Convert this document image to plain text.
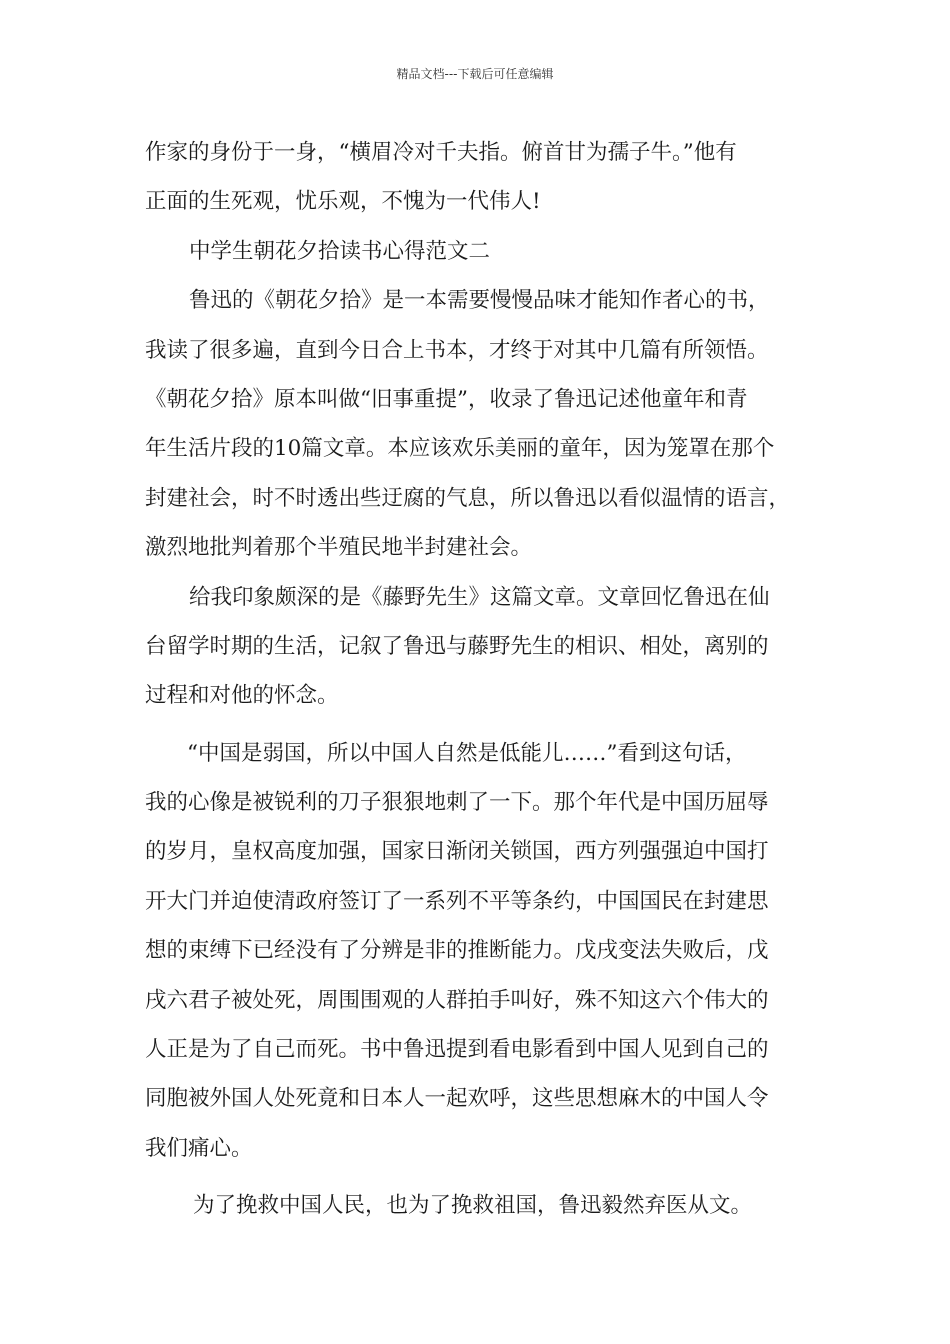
精品文档---下载后可任意编辑
作家的身份于一身，“横眉冷对千夫指。俯首甘为孺子牛。”他有
正面的生死观，忧乐观，不愧为一代伟人!
中学生朝花夕拾读书心得范文二
鲁迅的《朝花夕拾》是一本需要慢慢品味才能知作者心的书，
我读了很多遍，直到今日合上书本，才终于对其中几篇有所领悟。
《朝花夕拾》原本叫做“旧事重提”，收录了鲁迅记述他童年和青
年生活片段的10篇文章。本应该欢乐美丽的童年，因为笼罩在那个
封建社会，时不时透出些迂腐的气息，所以鲁迅以看似温情的语言，
激烈地批判着那个半殖民地半封建社会。
给我印象颇深的是《藤野先生》这篇文章。文章回忆鲁迅在仙
台留学时期的生活，记叙了鲁迅与藤野先生的相识、相处，离别的
过程和对他的怀念。
“中国是弱国，所以中国人自然是低能儿……”看到这句话，
我的心像是被锐利的刀子狠狠地刺了一下。那个年代是中国历屈辱
的岁月，皇权高度加强，国家日渐闭关锁国，西方列强强迫中国打
开大门并迫使清政府签订了一系列不平等条约，中国国民在封建思
想的束缚下已经没有了分辨是非的推断能力。戊戌变法失败后，戊
戌六君子被处死，周围围观的人群拍手叫好，殊不知这六个伟大的
人正是为了自己而死。书中鲁迅提到看电影看到中国人见到自己的
同胞被外国人处死竟和日本人一起欢呼，这些思想麻木的中国人令
我们痛心。
为了挽救中国人民，也为了挽救祖国，鲁迅毅然弃医从文。
